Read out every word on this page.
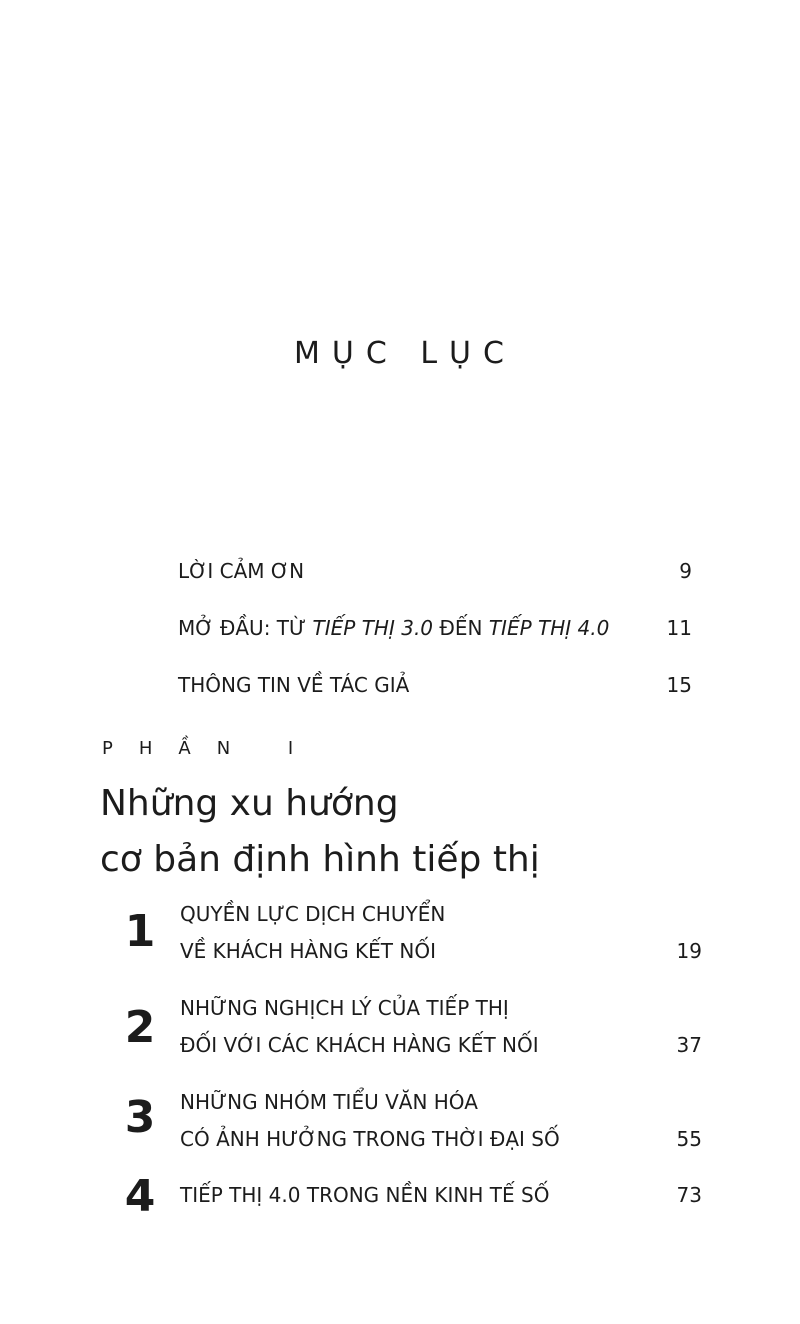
MỤC LỤC
LỜI CẢM ƠN	9
MỞ ĐẦU: TỪ TIẾP THỊ 3.0 ĐẾN TIẾP THỊ 4.0	11
THÔNG TIN VỀ TÁC GIẢ	15
PHẦN I
Những xu hướng
cơ bản định hình tiếp thị
1 QUYỀN LỰC DỊCH CHUYỂN
VỀ KHÁCH HÀNG KẾT NỐI	19
2 NHỮNG NGHỊCH LÝ CỦA TIẾP THỊ
ĐỐI VỚI CÁC KHÁCH HÀNG KẾT NỐI	37
3 NHỮNG NHÓM TIỂU VĂN HÓA
CÓ ẢNH HƯỞNG TRONG THỜI ĐẠI SỐ	55
4 TIẾP THỊ 4.0 TRONG NỀN KINH TẾ SỐ	73
